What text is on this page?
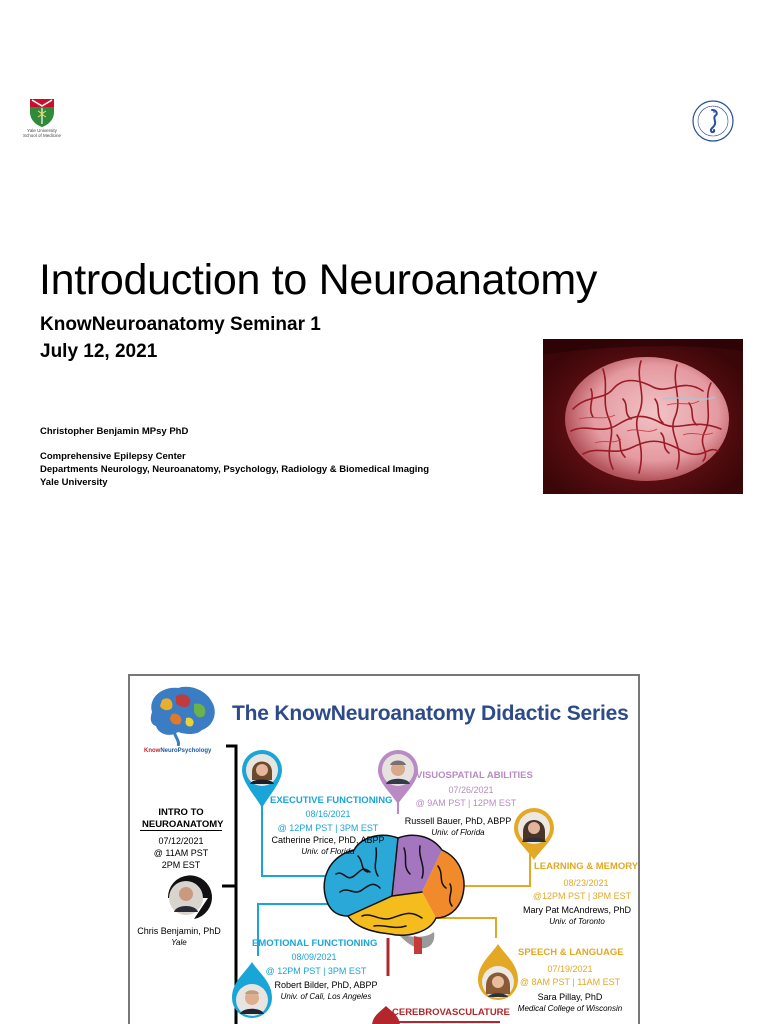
Yale University
School of Medicine
Introduction to Neuroanatomy
KnowNeuroanatomy Seminar 1
July 12, 2021
Christopher Benjamin MPsy PhD
Comprehensive Epilepsy Center
Departments Neurology, Neuroanatomy, Psychology, Radiology & Biomedical Imaging
Yale University
KnowNeuroPsychology
The KnowNeuroanatomy Didactic Series
INTRO TO
NEUROANATOMY
07/12/2021
@ 11AM PST
2PM EST
Chris Benjamin, PhD
Yale
EXECUTIVE FUNCTIONING
08/16/2021
@ 12PM PST | 3PM EST
Catherine Price, PhD, ABPP
Univ. of Florida
VISUOSPATIAL ABILITIES
07/26/2021
@ 9AM PST | 12PM EST
Russell Bauer, PhD, ABPP
Univ. of Florida
LEARNING & MEMORY
08/23/2021
@12PM PST | 3PM EST
Mary Pat McAndrews, PhD
Univ. of Toronto
EMOTIONAL FUNCTIONING
08/09/2021
@ 12PM PST | 3PM EST
Robert Bilder, PhD, ABPP
Univ. of Cali, Los Angeles
SPEECH & LANGUAGE
07/19/2021
@ 8AM PST | 11AM EST
Sara Pillay, PhD
Medical College of Wisconsin
CEREBROVASCULATURE
